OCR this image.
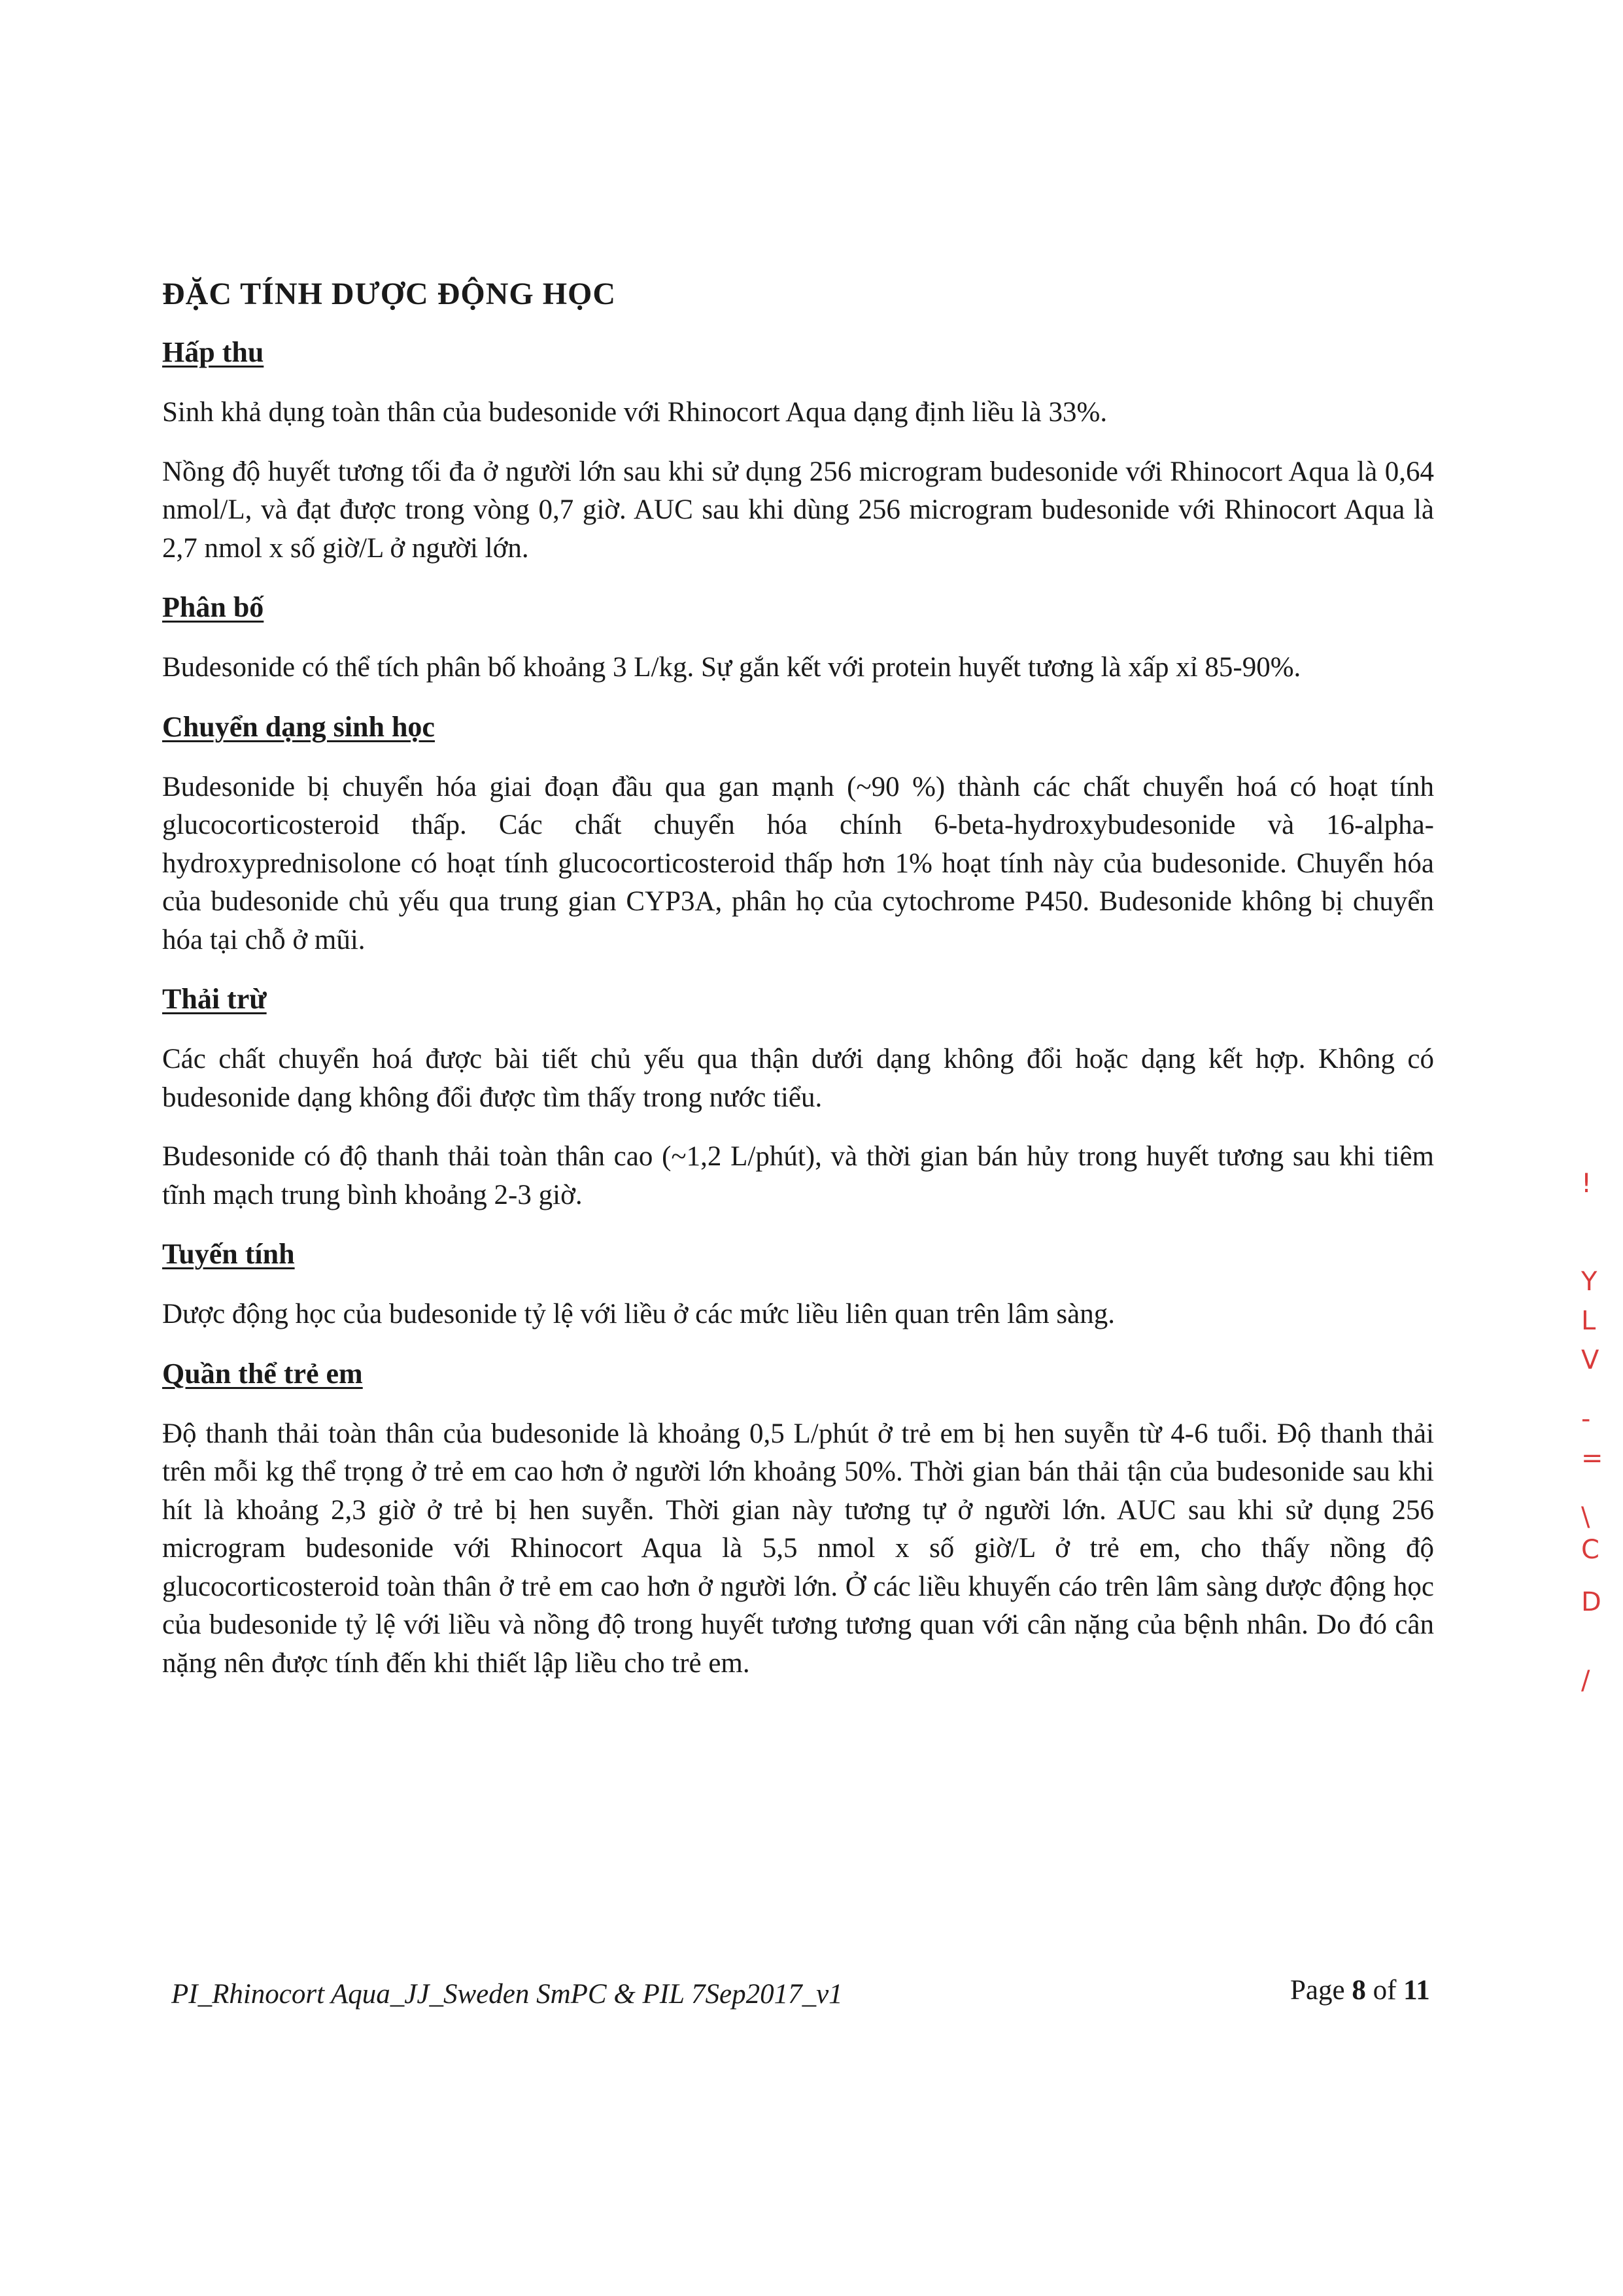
ĐẶC TÍNH DƯỢC ĐỘNG HỌC
Hấp thu

Sinh khả dụng toàn thân của budesonide với Rhinocort Aqua dạng định liều là 33%.

Nồng độ huyết tương tối đa ở người lớn sau khi sử dụng 256 microgram budesonide với Rhinocort Aqua là 0,64 nmol/L, và đạt được trong vòng 0,7 giờ. AUC sau khi dùng 256 microgram budesonide với Rhinocort Aqua là 2,7 nmol x số giờ/L ở người lớn.

Phân bố

Budesonide có thể tích phân bố khoảng 3 L/kg. Sự gắn kết với protein huyết tương là xấp xỉ 85-90%.

Chuyển dạng sinh học

Budesonide bị chuyển hóa giai đoạn đầu qua gan mạnh (~90 %) thành các chất chuyển hoá có hoạt tính glucocorticosteroid thấp. Các chất chuyển hóa chính 6-beta-hydroxybudesonide và 16-alpha-hydroxyprednisolone có hoạt tính glucocorticosteroid thấp hơn 1% hoạt tính này của budesonide. Chuyển hóa của budesonide chủ yếu qua trung gian CYP3A, phân họ của cytochrome P450. Budesonide không bị chuyển hóa tại chỗ ở mũi.

Thải trừ

Các chất chuyển hoá được bài tiết chủ yếu qua thận dưới dạng không đổi hoặc dạng kết hợp. Không có budesonide dạng không đổi được tìm thấy trong nước tiểu.

Budesonide có độ thanh thải toàn thân cao (~1,2 L/phút), và thời gian bán hủy trong huyết tương sau khi tiêm tĩnh mạch trung bình khoảng 2-3 giờ.

Tuyến tính

Dược động học của budesonide tỷ lệ với liều ở các mức liều liên quan trên lâm sàng.

Quần thể trẻ em

Độ thanh thải toàn thân của budesonide là khoảng 0,5 L/phút ở trẻ em bị hen suyễn từ 4-6 tuổi. Độ thanh thải trên mỗi kg thể trọng ở trẻ em cao hơn ở người lớn khoảng 50%. Thời gian bán thải tận của budesonide sau khi hít là khoảng 2,3 giờ ở trẻ bị hen suyễn. Thời gian này tương tự ở người lớn. AUC sau khi sử dụng 256 microgram budesonide với Rhinocort Aqua là 5,5 nmol x số giờ/L ở trẻ em, cho thấy nồng độ glucocorticosteroid toàn thân ở trẻ em cao hơn ở người lớn. Ở các liều khuyến cáo trên lâm sàng dược động học của budesonide tỷ lệ với liều và nồng độ trong huyết tương tương quan với cân nặng của bệnh nhân. Do đó cân nặng nên được tính đến khi thiết lập liều cho trẻ em.

PI_Rhinocort Aqua_JJ_Sweden SmPC & PIL 7Sep2017_v1	Page 8 of 11
!
Y
L
V
-
=
\
C
D
/
